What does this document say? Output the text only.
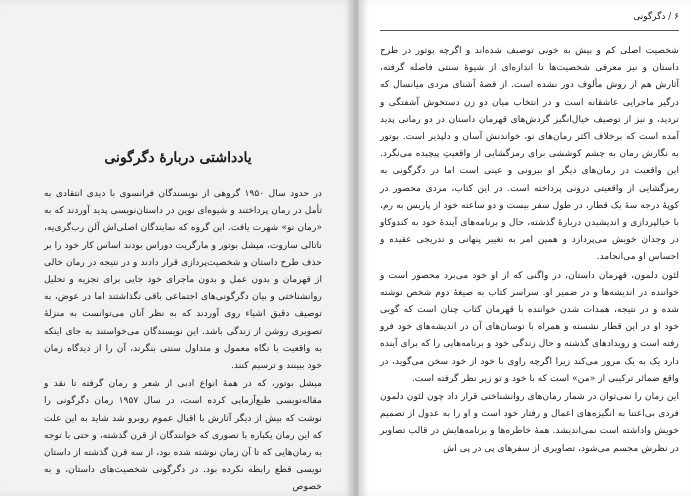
یادداشتی دربارهٔ دگرگونی

در حدود سال ۱۹۵۰ گروهی از نویسندگان فرانسوی با دیدی انتقادی به تأمل در رمان پرداختند و شیوه‌ای نوین در داستان‌نویسی پدید آوردند که به «رمان نو» شهرت یافت. این گروه که نمایندگان اصلی‌اش آلن رب‌گری‌یه، ناتالی ساروت، میشل بوتور و مارگریت دوراس بودند اساس کار خود را بر حذف طرح داستان و شخصیت‌پردازی قرار دادند و در نتیجه در رمان خالی از قهرمان و بدون عمل و بدون ماجرای خود جایی برای تجزیه و تحلیل روانشناختی و بیان دگرگونی‌های اجتماعی باقی نگذاشتند اما در عوض، به توصیف دقیق اشیاء روی آوردند که به نظر آنان می‌توانست به منزلهٔ تصویری روشن از زندگی باشد. این نویسندگان می‌خواستند به جای اینکه به واقعیت با نگاه معمول و متداول سنتی بنگرند، آن را از دیدگاه زمان خود ببینند و ترسیم کنند.

میشل بوتور، که در همهٔ انواع ادبی از شعر و رمان گرفته تا نقد و مقاله‌نویسی طبع‌آزمایی کرده است، در سال ۱۹۵۷ رمان دگرگونی را نوشت که بیش از دیگر آثارش با اقبال عموم روبرو شد شاید به این علت که این رمان یکباره با تصوری که خوانندگان از قرن گذشته، و حتی با توجه به رمان‌هایی که تا آن زمان نوشته شده بود، از سه قرن گذشته از داستان نویسی قطع رابطه نکرده بود. در دگرگونی شخصیت‌های داستان، و به خصوص

۶ / دگرگونی

شخصیت اصلی کم و بیش به خوبی توصیف شده‌اند و اگرچه بوتور در طرح داستان و نیز معرفی شخصیت‌ها تا اندازه‌ای از شیوهٔ سنتی فاصله گرفته، آثارش هم از روش مألوف دور نشده است. از قصهٔ آشنای مردی میانسال که درگیر ماجرایی عاشقانه است و در انتخاب میان دو زن دستخوش آشفتگی و تردید، و نیز از توصیف خیال‌انگیز گردش‌های قهرمان داستان در دو رمانی پدید آمده است که برخلاف اکثر رمان‌های نو، خواندنش آسان و دلپذیر است. بوتور به نگارش رمان به چشم کوششی برای رمزگشایی از واقعیتِ پیچیده می‌نگرد. این واقعیت در رمان‌های دیگر او بیرونی و عینی است اما در دگرگونی به رمزگشایی از واقعیتی درونی پرداخته است. در این کتاب، مردی محصور در کوپهٔ درجه سهٔ یک قطار، در طول سفر بیست و دو ساعته خود از پاریس به رم، با خیالپردازی و اندیشیدن دربارهٔ گذشته، حال و برنامه‌های آیندهٔ خود به کندوکاو در وجدان خویش می‌پردازد و همین امر به تغییر پنهانی و تدریجی عقیده و احساس او می‌انجامد.

لئون دلمون، قهرمان داستان، در واگنی که از او خود می‌برد محصور است و خواننده در اندیشه‌ها و در ضمیر او. سراسر کتاب به صیغهٔ دوم شخص نوشته شده و در نتیجه، همذات شدن خواننده با قهرمان کتاب چنان است که گویی خود او در این قطار نشسته و همراه با توسان‌های آن در اندیشه‌های خود فرو رفته است و رویدادهای گذشته و حال زندگی خود و برنامه‌هایی را که برای آینده دارد یک به یک مرور می‌کند زیرا اگرچه راوی با خود از خود سخن می‌گوید، در واقع ضمائر ترکیبی از «من» است که با خود و تو زیر نظر گرفته است.

این رمان را نمی‌توان در شمار رمان‌های روانشناختی قرار داد چون لئون دلمون فردی بی‌اعتنا به انگیزه‌های اعمال و رفتار خود است و او را به عدول از تصمیم خویش واداشته است نمی‌اندیشد. همهٔ خاطره‌ها و برنامه‌هایش در قالب تصاویر در نظرش مجسم می‌شود، تصاویری از سفرهای پی در پی اش
